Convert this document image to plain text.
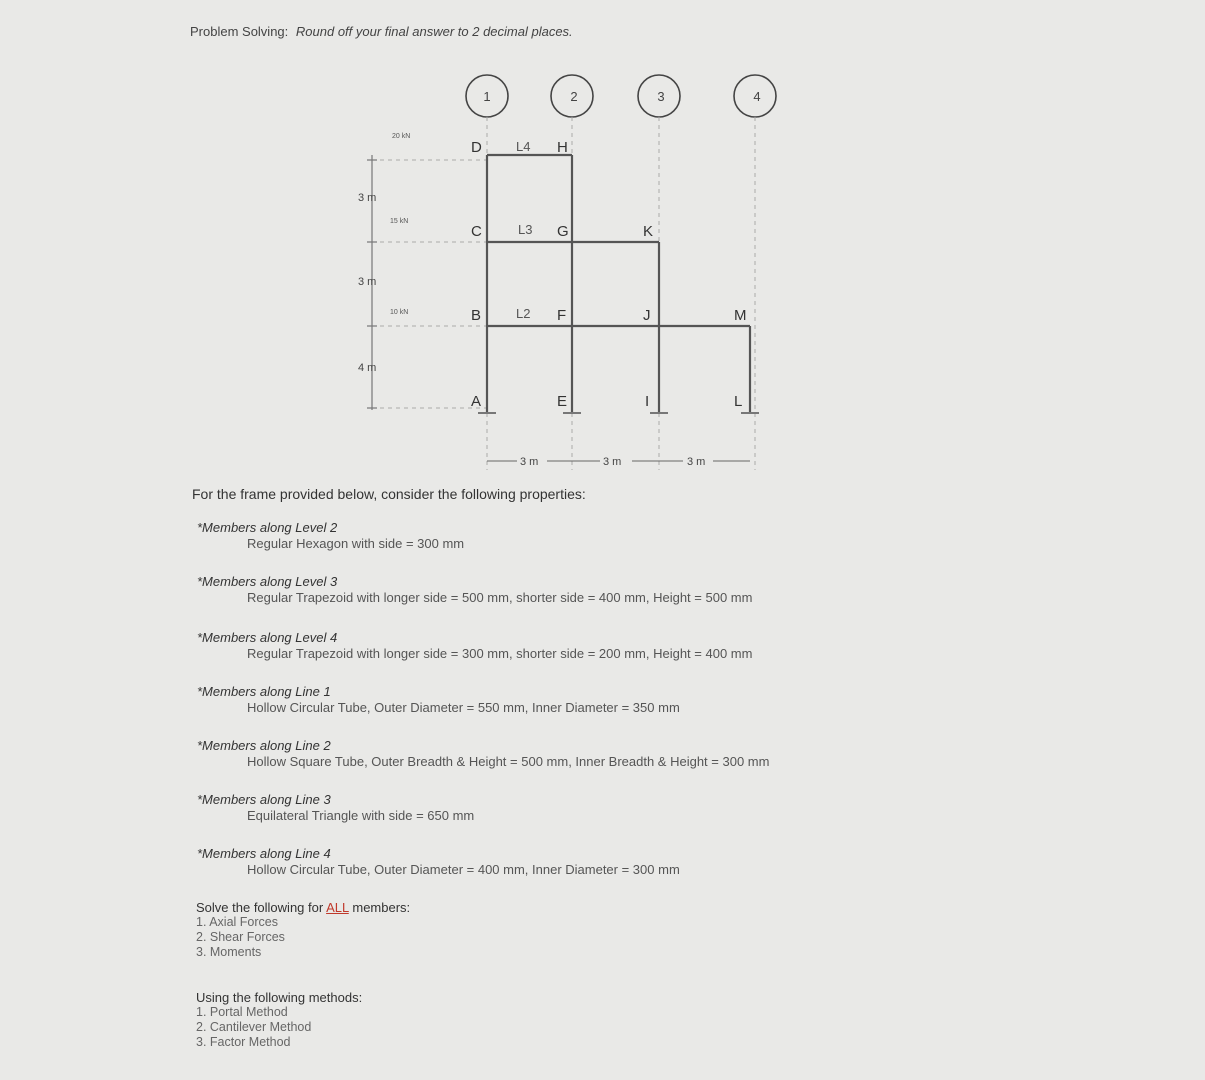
Problem Solving: Round off your final answer to 2 decimal places.
1	2	3	4
D	H
C	G	K
B	F	J	M
A	E	I	L
L4
L3
L2
20 kN
15 kN
10 kN
3 m
3 m
4 m
3 m	3 m	3 m
For the frame provided below, consider the following properties:
*Members along Level 2
Regular Hexagon with side = 300 mm
*Members along Level 3
Regular Trapezoid with longer side = 500 mm, shorter side = 400 mm, Height = 500 mm
*Members along Level 4
Regular Trapezoid with longer side = 300 mm, shorter side = 200 mm, Height = 400 mm
*Members along Line 1
Hollow Circular Tube, Outer Diameter = 550 mm, Inner Diameter = 350 mm
*Members along Line 2
Hollow Square Tube, Outer Breadth & Height = 500 mm, Inner Breadth & Height = 300 mm
*Members along Line 3
Equilateral Triangle with side = 650 mm
*Members along Line 4
Hollow Circular Tube, Outer Diameter = 400 mm, Inner Diameter = 300 mm
Solve the following for ALL members:
1. Axial Forces
2. Shear Forces
3. Moments
Using the following methods:
1. Portal Method
2. Cantilever Method
3. Factor Method
